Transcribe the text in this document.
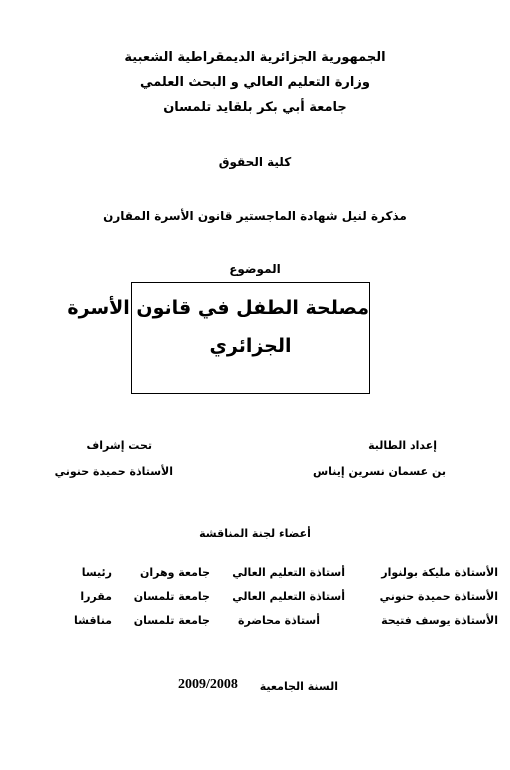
الجمهورية الجزائرية الديمقراطية الشعبية
وزارة التعليم العالي و البحث العلمي
جامعة أبي بكر بلقايد تلمسان
كلية الحقوق
مذكرة لنيل شهادة الماجستير قانون الأسرة المقارن
الموضوع
مصلحة الطفل في قانون الأسرة
الجزائري
إعداد الطالبة
بن عسمان نسرين إيناس
تحت إشراف
الأستاذة حميدة حنوني
أعضاء لجنة المناقشة
الأستاذة مليكة بولنوار
أستاذة التعليم العالي
جامعة وهران
رئيسا
الأستاذة حميدة حنوني
أستاذة التعليم العالي
جامعة تلمسان
مقررا
الأستاذة يوسف فتيحة
أستاذة محاضرة
جامعة تلمسان
مناقشا
السنة الجامعية
2009/2008
